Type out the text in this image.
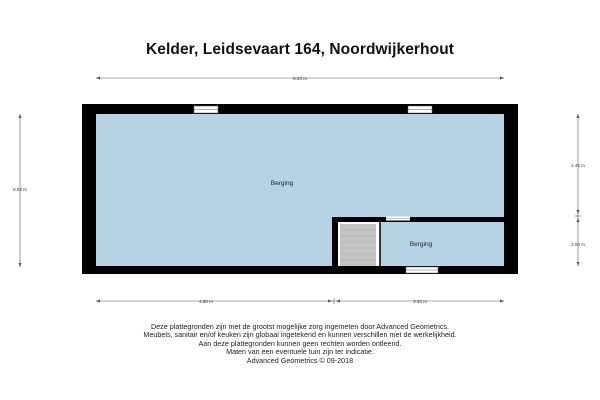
Kelder, Leidsevaart 164, Noordwijkerhout
8.23 m
6.03 m
4.49 m
2.00 m
Berging
Berging
4.80 m	3.33 m
Deze plattegronden zijn met de grootst mogelijke zorg ingemeten door Advanced Geometrics.
Meubels, sanitair en/of keuken zijn globaal ingetekend en kunnen verschillen met de werkelijkheid.
Aan deze plattegronden kunnen geen rechten worden ontleend.
Maten van een eventuele tuin zijn ter indicatie.
Advanced Geometrics © 09-2018
